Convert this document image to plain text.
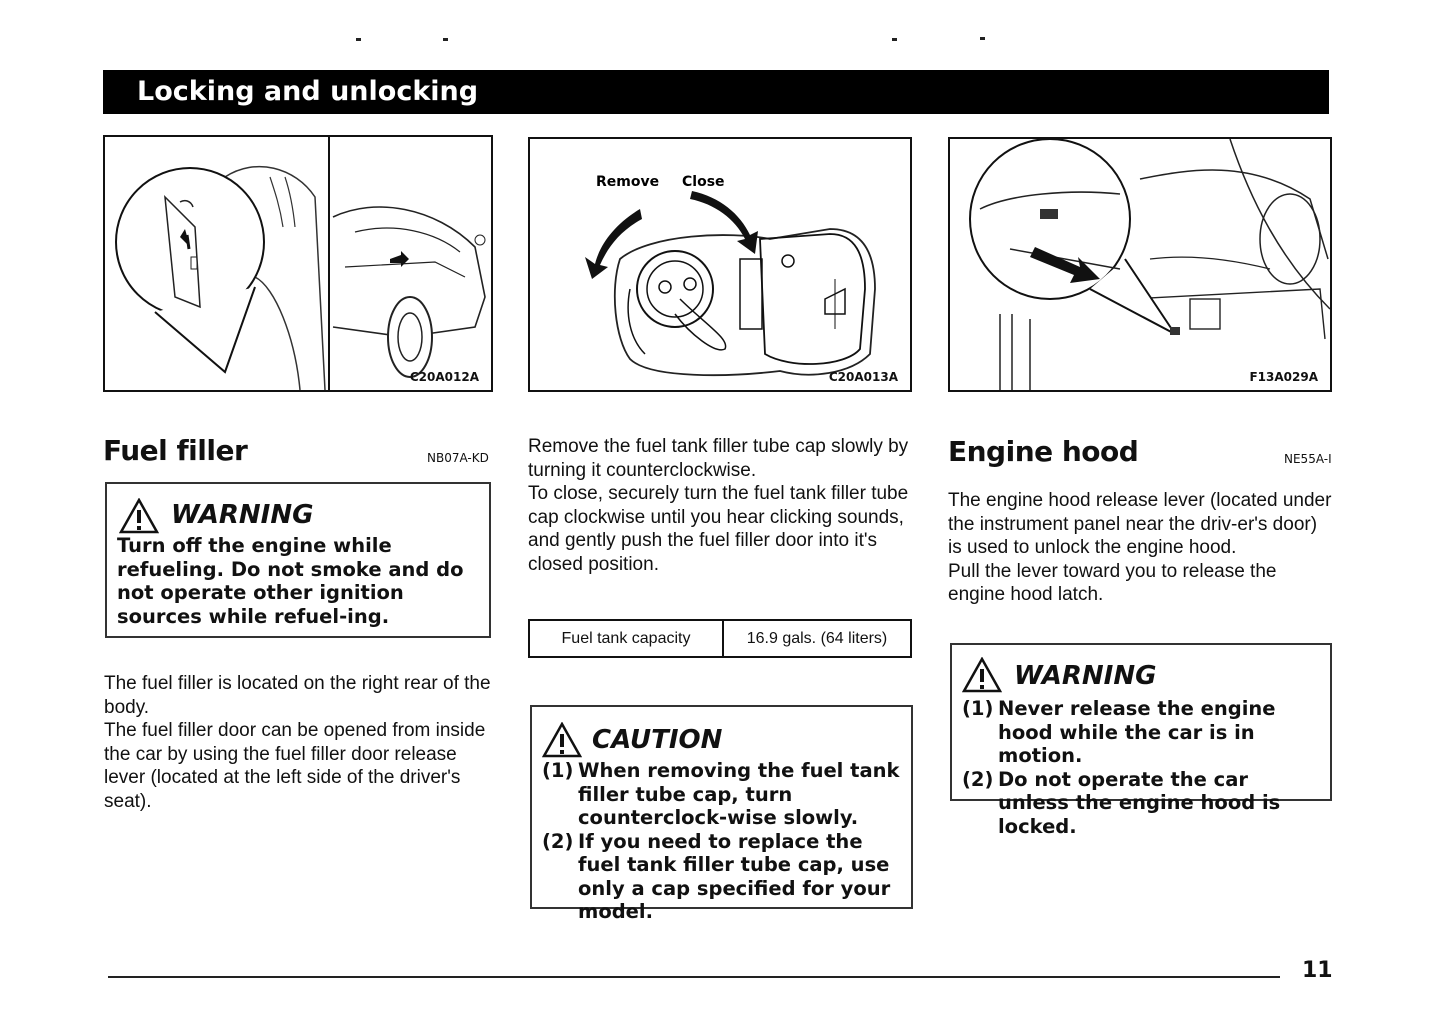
Locking and unlocking
C20A012A
Remove Close
C20A013A	F13A029A
Fuel filler	NB07A-KD
WARNING

Turn off the engine while refueling. Do not smoke and do not operate other ignition sources while refuel-ing.

The fuel filler is located on the right rear of the body.

The fuel filler door can be opened from inside the car by using the fuel filler door release lever (located at the left side of the driver's seat).

Remove the fuel tank filler tube cap slowly by turning it counterclockwise.

To close, securely turn the fuel tank filler tube cap clockwise until you hear clicking sounds, and gently push the fuel filler door into it's closed position.

Fuel tank capacity	16.9 gals. (64 liters)
CAUTION
(1) When removing the fuel tank filler tube cap, turn counterclock-wise slowly.
(2) If you need to replace the fuel tank filler tube cap, use only a cap specified for your model.
Engine hood	NE55A-I

The engine hood release lever (located under the instrument panel near the driv-er's door) is used to unlock the engine hood.

Pull the lever toward you to release the engine hood latch.

WARNING
(1) Never release the engine hood while the car is in motion.
(2) Do not operate the car unless the engine hood is locked.
11
